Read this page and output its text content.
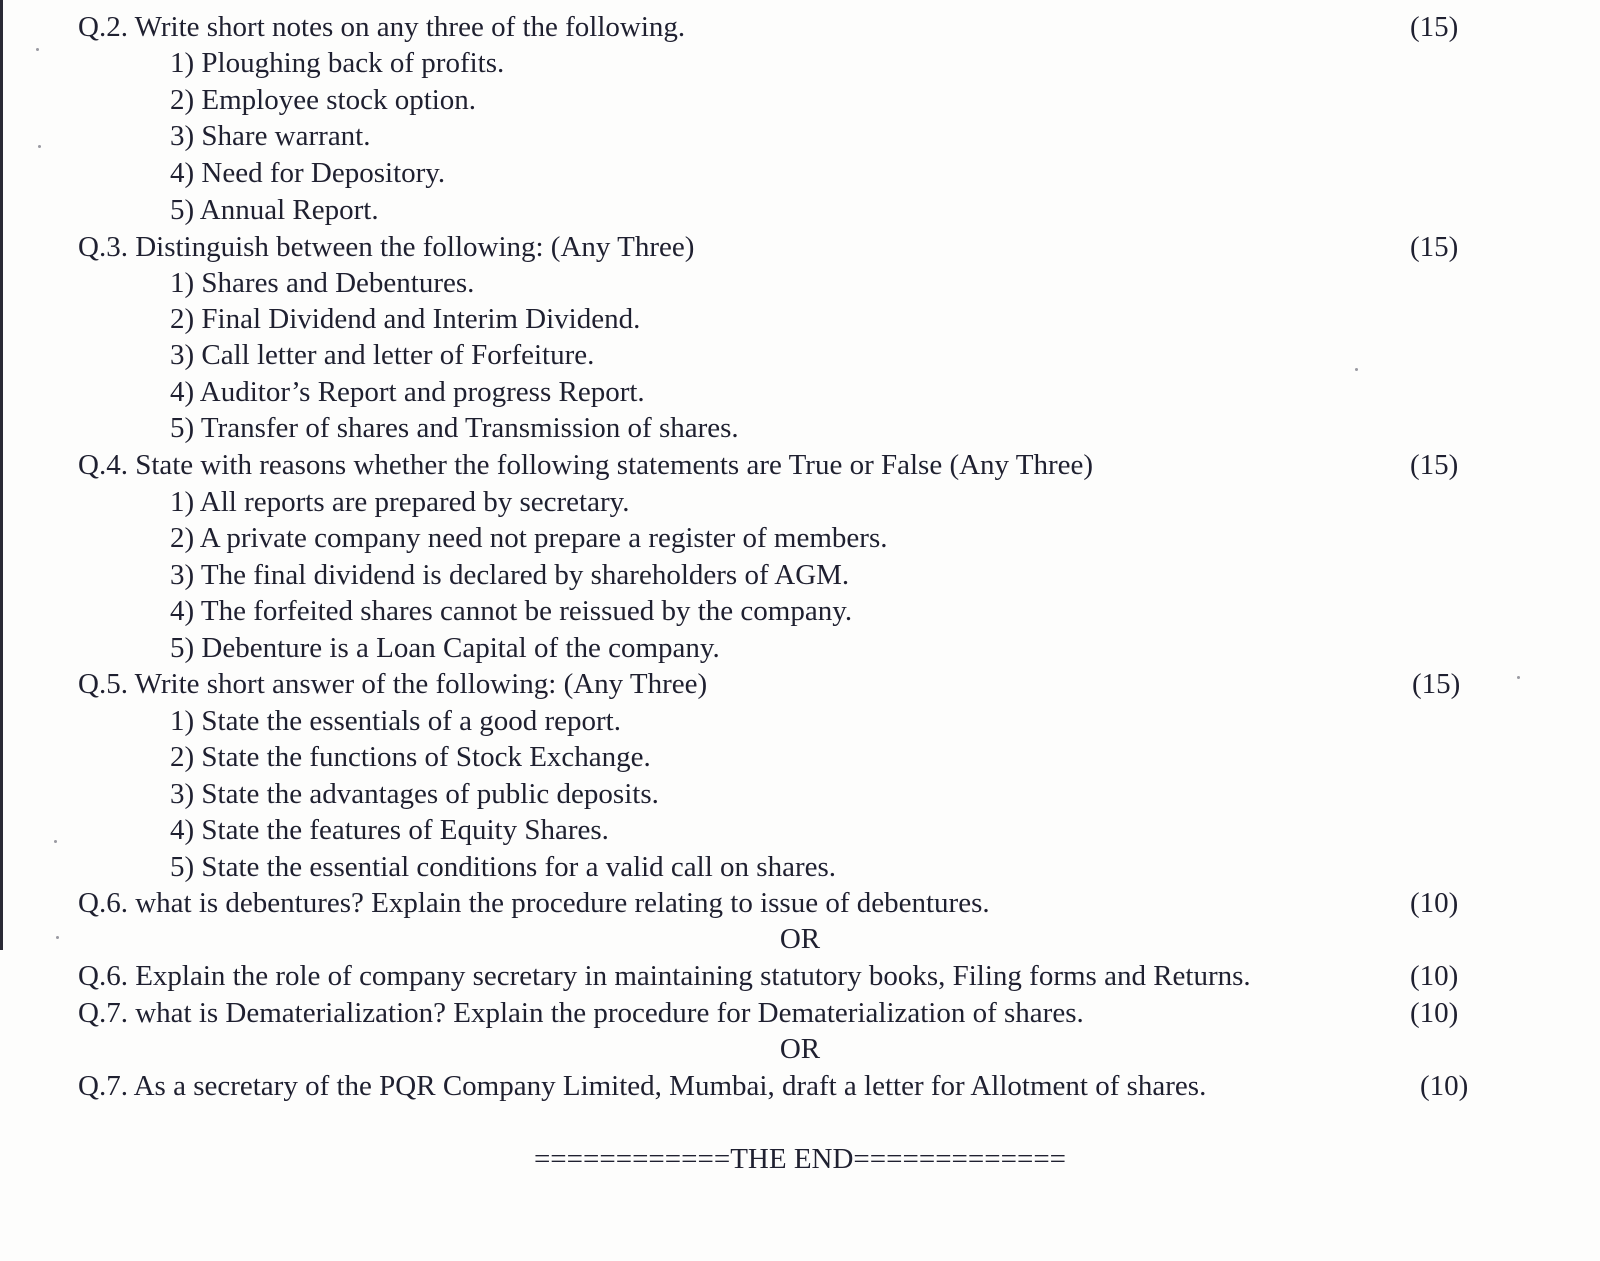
Q.2. Write short notes on any three of the following.	(15)
1) Ploughing back of profits.
2) Employee stock option.
3) Share warrant.
4) Need for Depository.
5) Annual Report.
Q.3. Distinguish between the following: (Any Three)	(15)
1) Shares and Debentures.
2) Final Dividend and Interim Dividend.
3) Call letter and letter of Forfeiture.
4) Auditor’s Report and progress Report.
5) Transfer of shares and Transmission of shares.
Q.4. State with reasons whether the following statements are True or False (Any Three)	(15)
1) All reports are prepared by secretary.
2) A private company need not prepare a register of members.
3) The final dividend is declared by shareholders of AGM.
4) The forfeited shares cannot be reissued by the company.
5) Debenture is a Loan Capital of the company.
Q.5. Write short answer of the following: (Any Three)	(15)
1) State the essentials of a good report.
2) State the functions of Stock Exchange.
3) State the advantages of public deposits.
4) State the features of Equity Shares.
5) State the essential conditions for a valid call on shares.
Q.6. what is debentures? Explain the procedure relating to issue of debentures.	(10)
OR
Q.6. Explain the role of company secretary in maintaining statutory books, Filing forms and Returns.	(10)
Q.7. what is Dematerialization? Explain the procedure for Dematerialization of shares.	(10)
OR
Q.7. As a secretary of the PQR Company Limited, Mumbai, draft a letter for Allotment of shares.	(10)
============THE END=============
